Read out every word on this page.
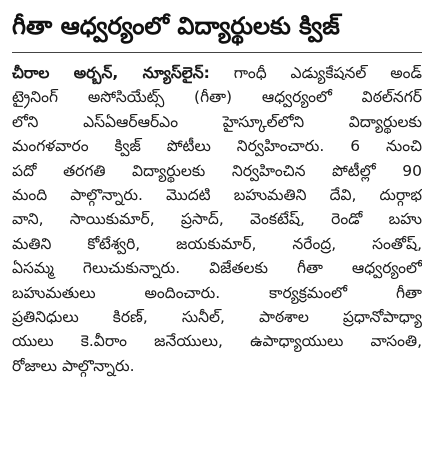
గీతా ఆధ్వర్యంలో విద్యార్థులకు క్విజ్
చీరాల అర్బన్, న్యూస్‌లైన్: గాంధీ ఎడ్యుకేషనల్ అండ్
ట్రైనింగ్ అసోసియేట్స్ (గీతా) ఆధ్వర్యంలో విఠల్‌నగర్
లోని ఎస్ఏఆర్ఆర్ఎం హైస్కూల్‌లోని విద్యార్థులకు
మంగళవారం క్విజ్ పోటీలు నిర్వహించారు. 6 నుంచి
పదో తరగతి విద్యార్థులకు నిర్వహించిన పోటీల్లో 90
మంది పాల్గొన్నారు. మొదటి బహుమతిని దేవి, దుర్గాభ
వాని, సాయికుమార్, ప్రసాద్, వెంకటేష్, రెండో బహు
మతిని కోటేశ్వరి, జయకుమార్, నరేంద్ర, సంతోష్,
ఏసమ్మ గెలుచుకున్నారు. విజేతలకు గీతా ఆధ్వర్యంలో
బహుమతులు అందించారు. కార్యక్రమంలో గీతా
ప్రతినిధులు కిరణ్, సునీల్, పాఠశాల ప్రధానోపాధ్యా
యులు కె.వీరాం జనేయులు, ఉపాధ్యాయులు వాసంతి,
రోజాలు పాల్గొన్నారు.
